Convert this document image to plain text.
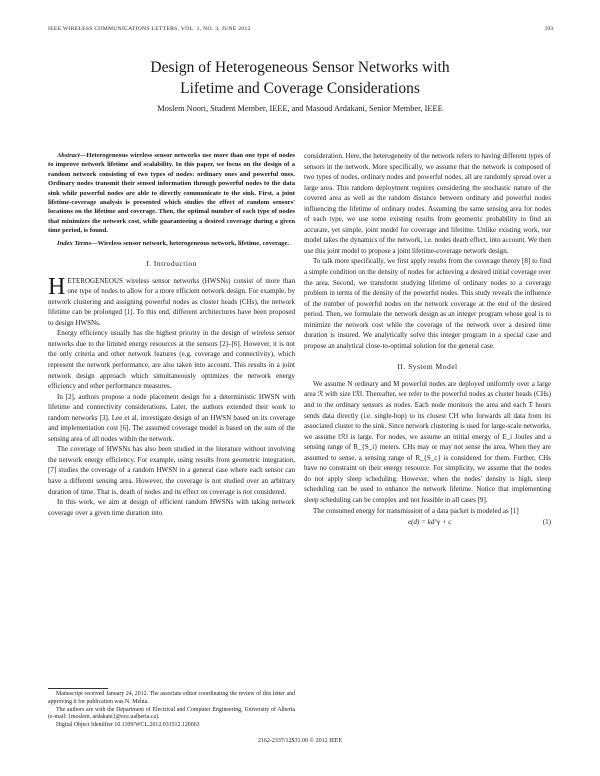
IEEE WIRELESS COMMUNICATIONS LETTERS, VOL. 1, NO. 3, JUNE 2012	193
Design of Heterogeneous Sensor Networks with
Lifetime and Coverage Considerations
Moslem Noori, Student Member, IEEE, and Masoud Ardakani, Senior Member, IEEE

Abstract—Heterogeneous wireless sensor networks use more than one type of nodes to improve network lifetime and scalability. In this paper, we focus on the design of a random network consisting of two types of nodes: ordinary ones and powerful ones. Ordinary nodes transmit their sensed information through powerful nodes to the data sink while powerful nodes are able to directly communicate to the sink. First, a joint lifetime-coverage analysis is presented which studies the effect of random sensors' locations on the lifetime and coverage. Then, the optimal number of each type of nodes that minimizes the network cost, while guaranteeing a desired coverage during a given time period, is found.

Index Terms—Wireless sensor network, heterogeneous network, lifetime, coverage.

I. Introduction

HETEROGENEOUS wireless sensor networks (HWSNs) consist of more than one type of nodes to allow for a more efficient network design. For example, by network clustering and assigning powerful nodes as cluster heads (CHs), the network lifetime can be prolonged [1]. To this end, different architectures have been proposed to design HWSNs.

Energy efficiency usually has the highest priority in the design of wireless sensor networks due to the limited energy resources at the sensors [2]–[6]. However, it is not the only criteria and other network features (e.g. coverage and connectivity), which represent the network performance, are also taken into account. This results in a joint network design approach which simultaneously optimizes the network energy efficiency and other performance measures.

In [2], authors propose a node placement design for a deterministic HWSN with lifetime and connectivity considerations. Later, the authors extended their work to random networks [3]. Lee et al. investigate design of an HWSN based on its coverage and implementation cost [6]. The assumed coverage model is based on the sum of the sensing area of all nodes within the network.

The coverage of HWSNs has also been studied in the literature without involving the network energy efficiency. For example, using results from geometric integration, [7] studies the coverage of a random HWSN in a general case where each sensor can have a different sensing area. However, the coverage is not studied over an arbitrary duration of time. That is, death of nodes and its effect on coverage is not considered.

In this work, we aim at design of efficient random HWSNs with taking network coverage over a given time duration into

Manuscript received January 24, 2012. The associate editor coordinating the review of this letter and approving it for publication was N. Mehta.

The authors are with the Department of Electrical and Computer Engineering, University of Alberta (e-mail: {moslem, ardakani}@ece.ualberta.ca).

Digital Object Identifier 10.1109/WCL.2012.031512.120063

consideration. Here, the heterogeneity of the network refers to having different types of sensors in the network. More specifically, we assume that the network is composed of two types of nodes, ordinary nodes and powerful nodes, all are randomly spread over a large area. This random deployment requires considering the stochastic nature of the covered area as well as the random distance between ordinary and powerful nodes influencing the lifetime of ordinary nodes. Assuming the same sensing area for nodes of each type, we use some existing results from geometric probability to find an accurate, yet simple, joint model for coverage and lifetime. Unlike existing work, our model takes the dynamics of the network, i.e. nodes death effect, into account. We then use this joint model to propose a joint lifetime-coverage network design.

To talk more specifically, we first apply results from the coverage theory [8] to find a simple condition on the density of nodes for achieving a desired initial coverage over the area. Second, we transform studying lifetime of ordinary nodes to a coverage problem in terms of the density of the powerful nodes. This study reveals the influence of the number of powerful nodes on the network coverage at the end of the desired period. Then, we formulate the network design as an integer program whose goal is to minimize the network cost while the coverage of the network over a desired time duration is insured. We analytically solve this integer program in a special case and propose an analytical close-to-optimal solution for the general case.

II. System Model

We assume N ordinary and M powerful nodes are deployed uniformly over a large area ℛ with size ‖ℛ‖. Thereafter, we refer to the powerful nodes as cluster heads (CHs) and to the ordinary sensors as nodes. Each node monitors the area and each T hours sends data directly (i.e. single-hop) to its closest CH who forwards all data from its associated cluster to the sink. Since network clustering is used for large-scale networks, we assume ‖ℛ‖ is large. For nodes, we assume an initial energy of E_i Joules and a sensing range of R_{S_i} meters. CHs may or may not sense the area. When they are assumed to sense, a sensing range of R_{S_c} is considered for them. Further, CHs have no constraint on their energy resource. For simplicity, we assume that the nodes do not apply sleep scheduling. However, when the nodes' density is high, sleep scheduling can be used to enhance the network lifetime. Notice that implementing sleep scheduling can be complex and not feasible in all cases [9].

The consumed energy for transmission of a data packet is modeled as [1]

e(d) = kd^γ + c	(1)
2162-2337/12$31.00 © 2012 IEEE
